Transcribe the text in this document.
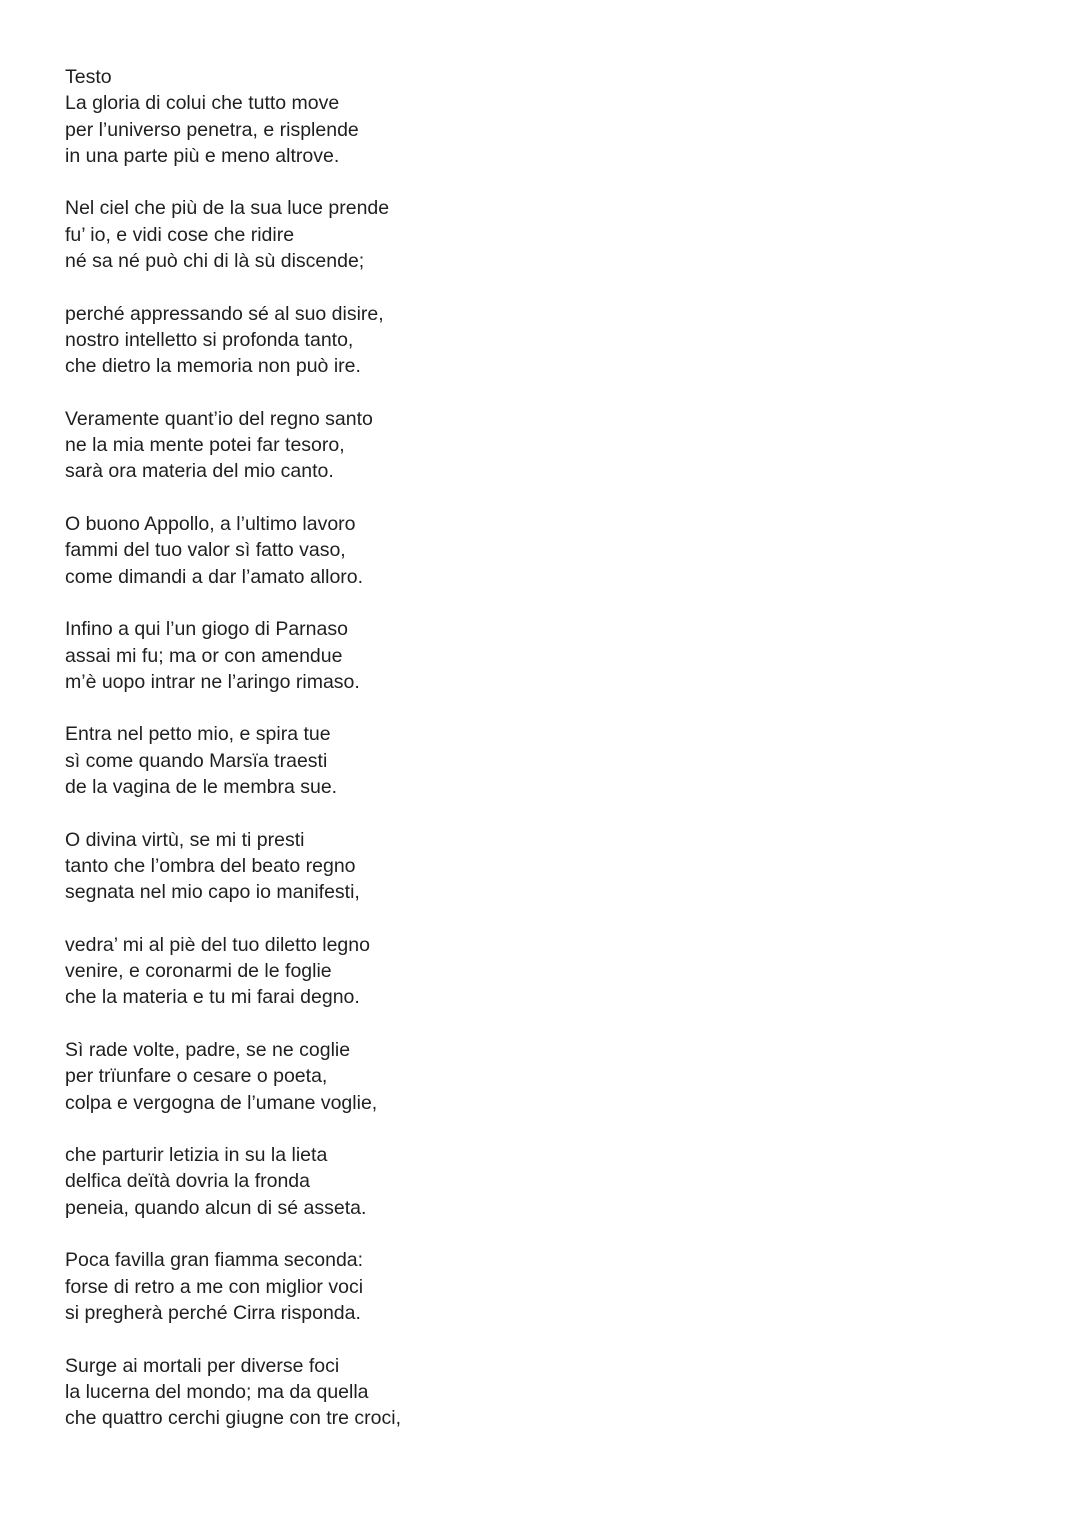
Testo

La gloria di colui che tutto move

per l’universo penetra, e risplende

in una parte più e meno altrove.

Nel ciel che più de la sua luce prende

fu’ io, e vidi cose che ridire

né sa né può chi di là sù discende;

perché appressando sé al suo disire,

nostro intelletto si profonda tanto,

che dietro la memoria non può ire.

Veramente quant’io del regno santo

ne la mia mente potei far tesoro,

sarà ora materia del mio canto.

O buono Appollo, a l’ultimo lavoro

fammi del tuo valor sì fatto vaso,

come dimandi a dar l’amato alloro.

Infino a qui l’un giogo di Parnaso

assai mi fu; ma or con amendue

m’è uopo intrar ne l’aringo rimaso.

Entra nel petto mio, e spira tue

sì come quando Marsïa traesti

de la vagina de le membra sue.

O divina virtù, se mi ti presti

tanto che l’ombra del beato regno

segnata nel mio capo io manifesti,

vedra’ mi al piè del tuo diletto legno

venire, e coronarmi de le foglie

che la materia e tu mi farai degno.

Sì rade volte, padre, se ne coglie

per trïunfare o cesare o poeta,

colpa e vergogna de l’umane voglie,

che parturir letizia in su la lieta

delfica deïtà dovria la fronda

peneia, quando alcun di sé asseta.

Poca favilla gran fiamma seconda:

forse di retro a me con miglior voci

si pregherà perché Cirra risponda.

Surge ai mortali per diverse foci

la lucerna del mondo; ma da quella

che quattro cerchi giugne con tre croci,
